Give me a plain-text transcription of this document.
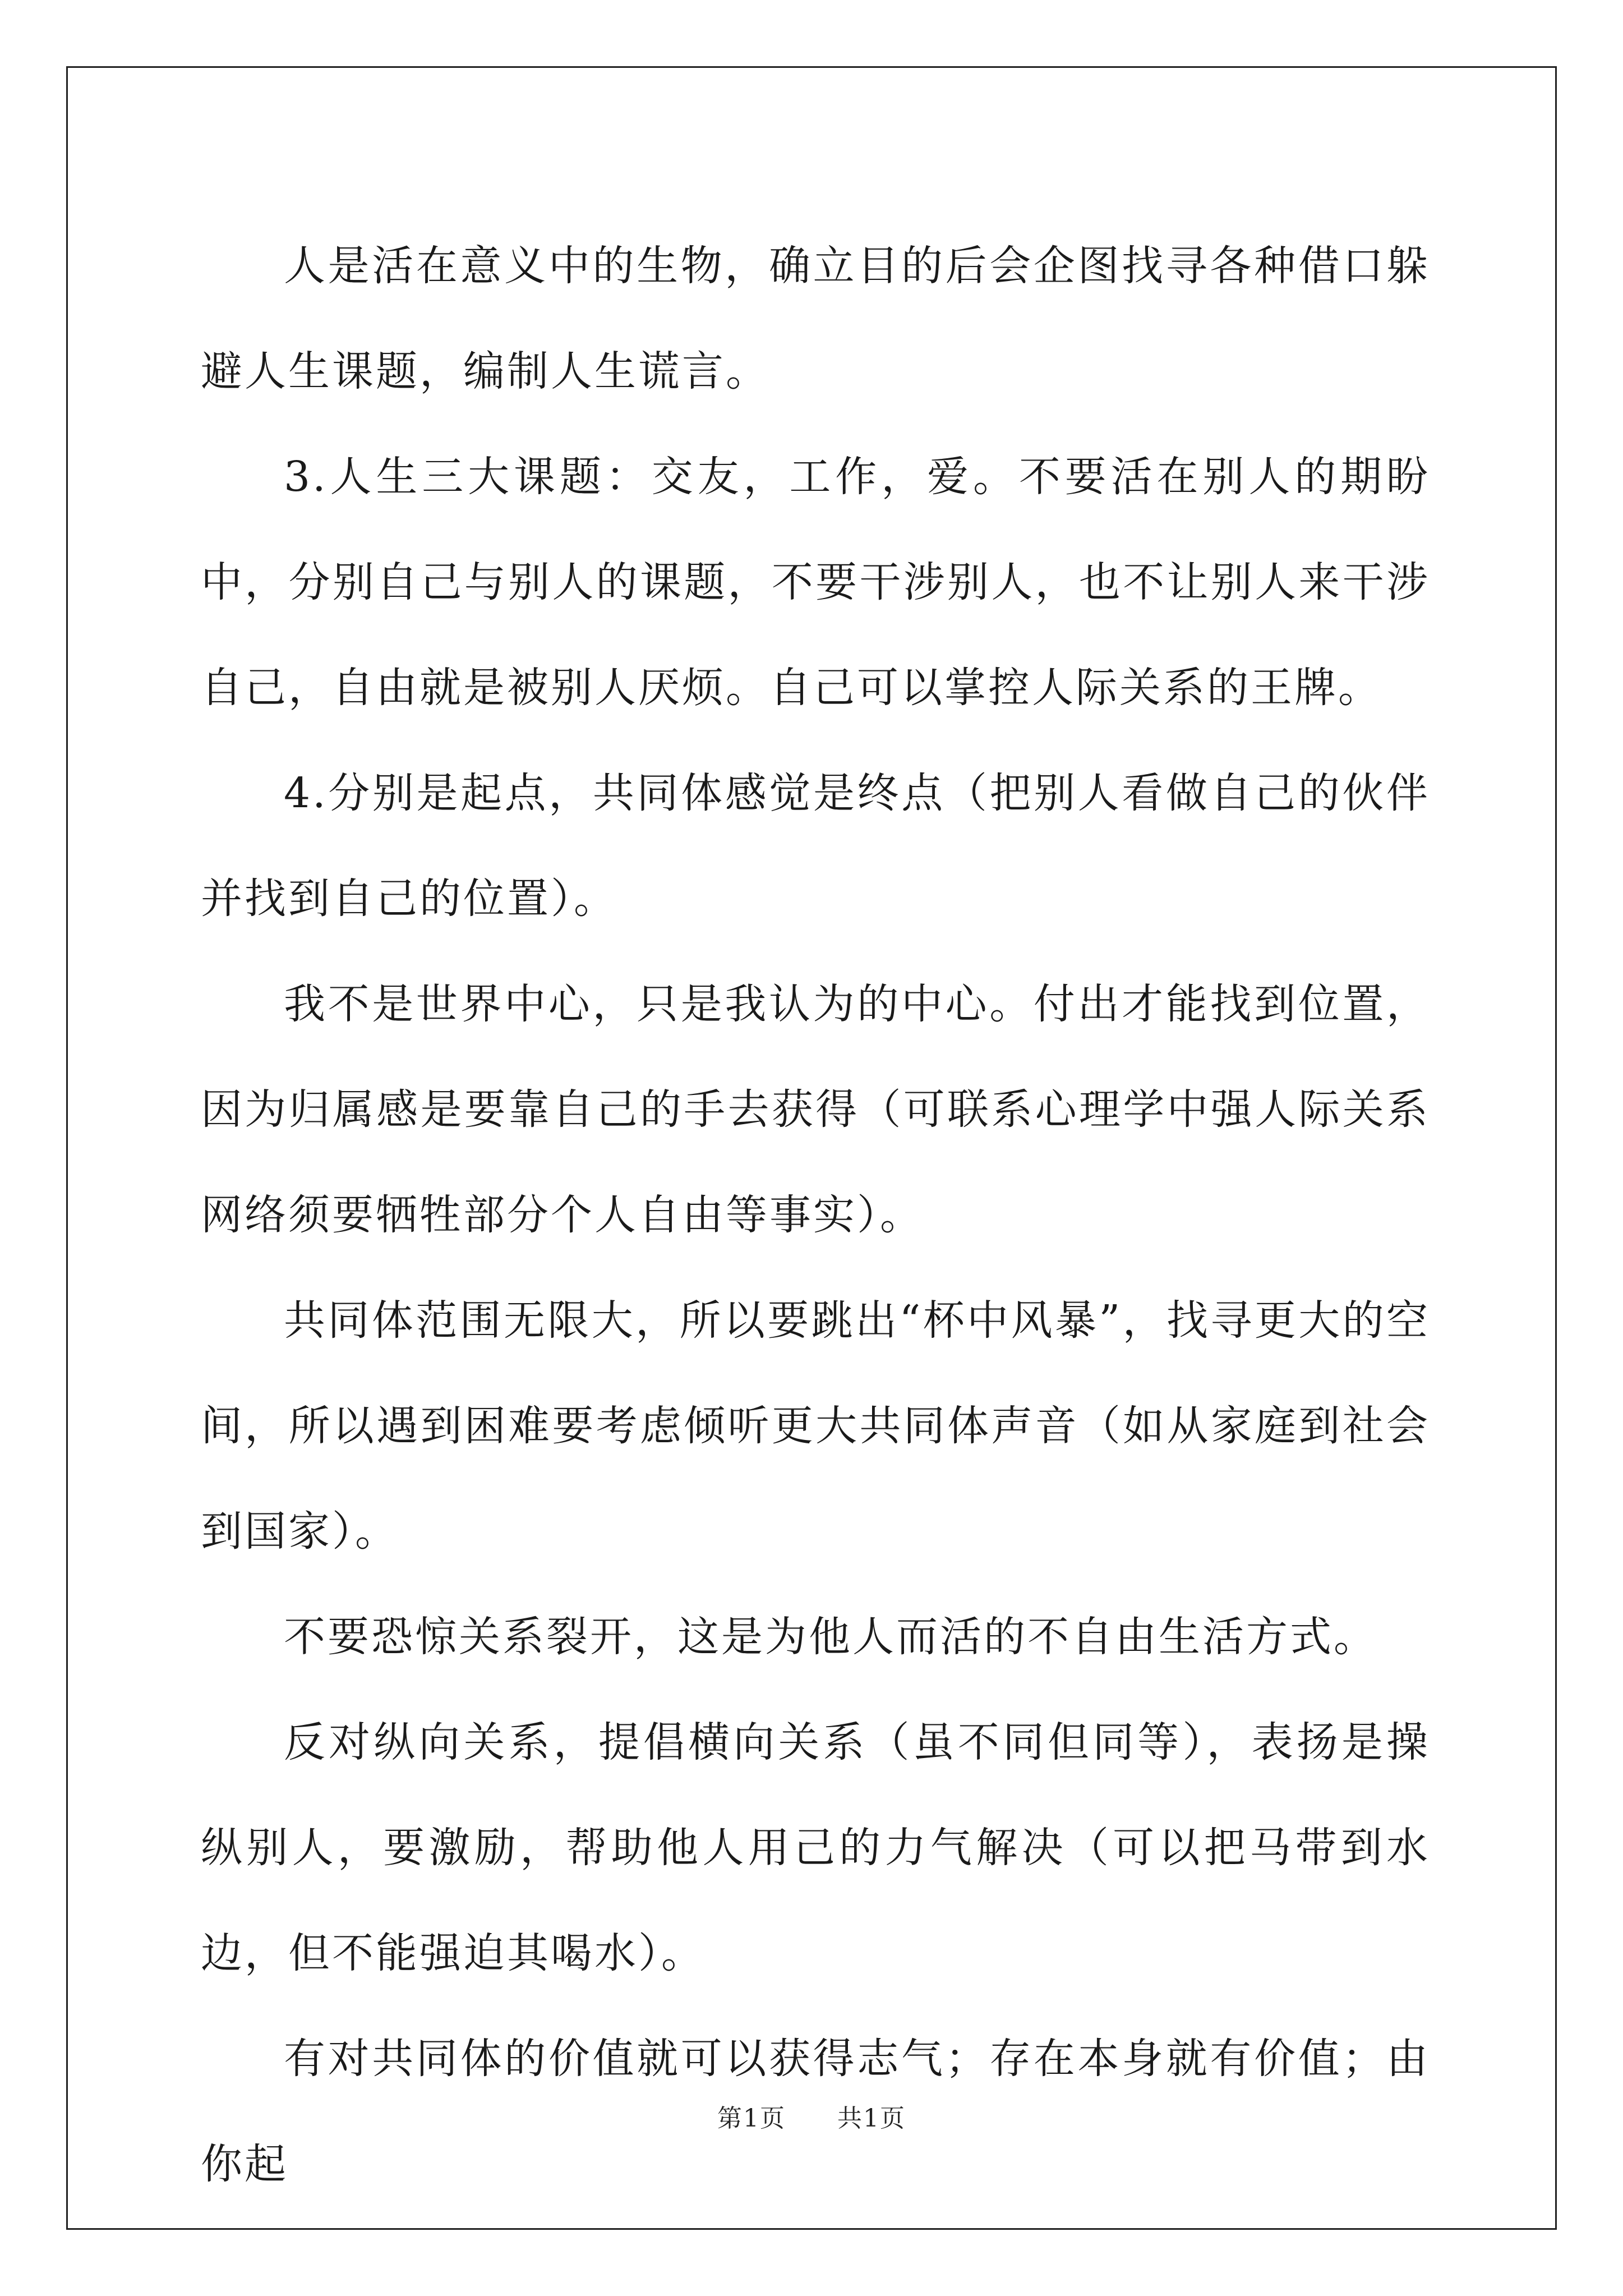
人是活在意义中的生物，确立目的后会企图找寻各种借口躲避人生课题，编制人生谎言。

3.人生三大课题：交友，工作，爱。不要活在别人的期盼中，分别自己与别人的课题，不要干涉别人，也不让别人来干涉自己，自由就是被别人厌烦。自己可以掌控人际关系的王牌。

4.分别是起点，共同体感觉是终点（把别人看做自己的伙伴并找到自己的位置）。

我不是世界中心，只是我认为的中心。付出才能找到位置，因为归属感是要靠自己的手去获得（可联系心理学中强人际关系网络须要牺牲部分个人自由等事实）。

共同体范围无限大，所以要跳出“杯中风暴”，找寻更大的空间，所以遇到困难要考虑倾听更大共同体声音（如从家庭到社会到国家）。

不要恐惊关系裂开，这是为他人而活的不自由生活方式。

反对纵向关系，提倡横向关系（虽不同但同等），表扬是操纵别人，要激励，帮助他人用己的力气解决（可以把马带到水边，但不能强迫其喝水）。

有对共同体的价值就可以获得志气；存在本身就有价值；由你起

第1页 共1页
